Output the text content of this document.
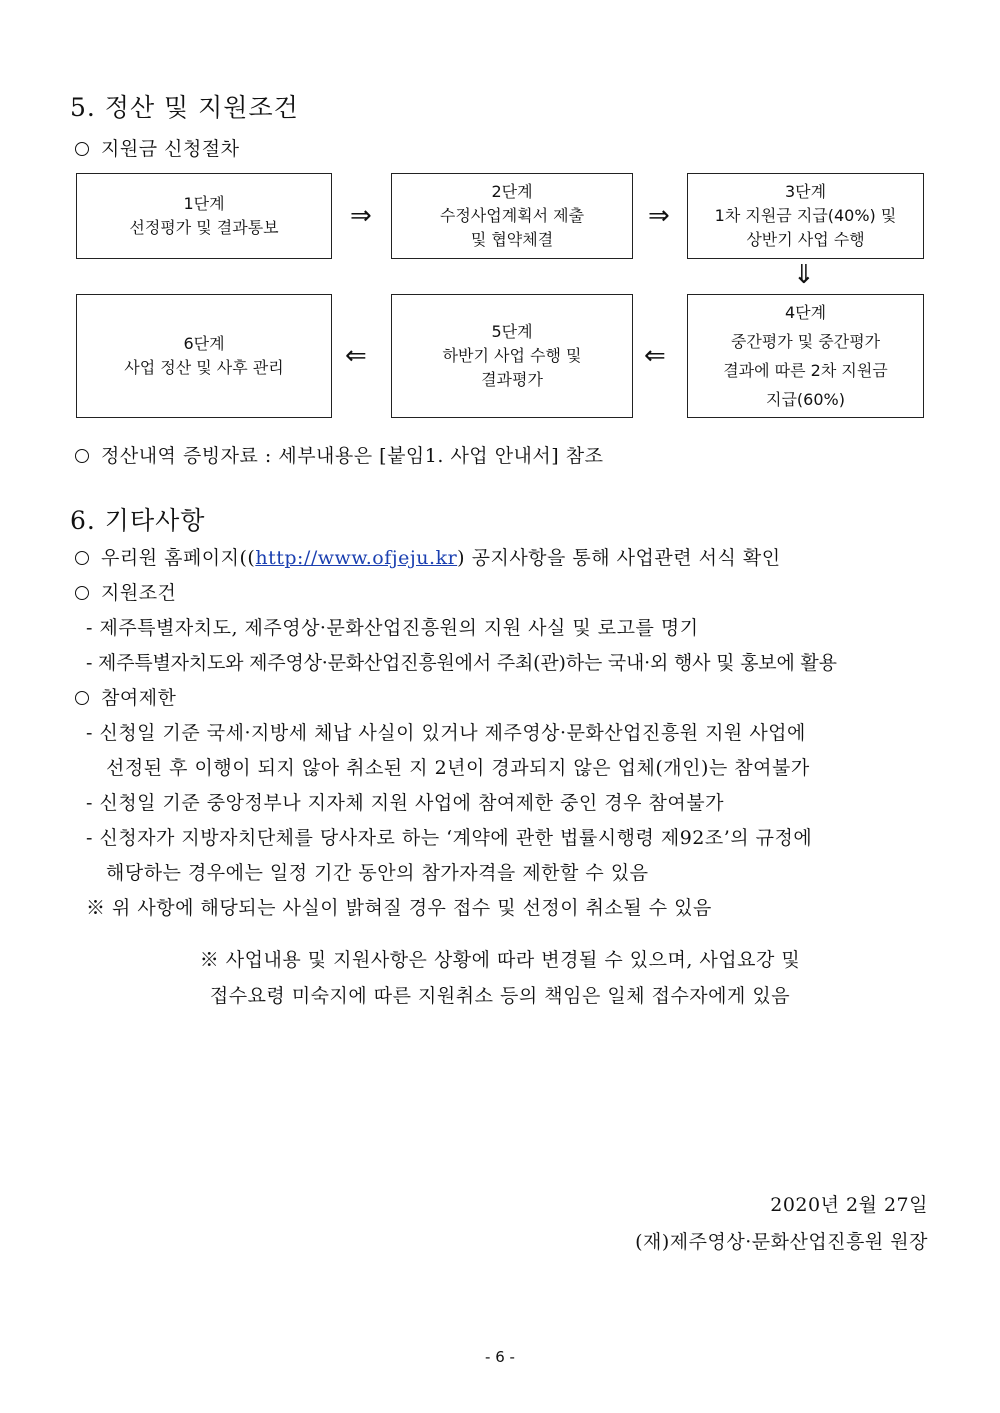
5. 정산 및 지원조건
지원금 신청절차
1단계
선정평가 및 결과통보	⇒
2단계
수정사업계획서 제출
및 협약체결
⇒
3단계
1차 지원금 지급(40%) 및
상반기 사업 수행
⇓
6단계
사업 정산 및 사후 관리 ⇐
5단계
하반기 사업 수행 및
결과평가
⇐
4단계
중간평가 및 중간평가
결과에 따른 2차 지원금
지급(60%)
정산내역 증빙자료 : 세부내용은 [붙임1. 사업 안내서] 참조
6. 기타사항
우리원 홈페이지((http://www.ofjeju.kr) 공지사항을 통해 사업관련 서식 확인
지원조건
- 제주특별자치도, 제주영상·문화산업진흥원의 지원 사실 및 로고를 명기
- 제주특별자치도와 제주영상·문화산업진흥원에서 주최(관)하는 국내·외 행사 및 홍보에 활용
참여제한
- 신청일 기준 국세·지방세 체납 사실이 있거나 제주영상·문화산업진흥원 지원 사업에
선정된 후 이행이 되지 않아 취소된 지 2년이 경과되지 않은 업체(개인)는 참여불가
- 신청일 기준 중앙정부나 지자체 지원 사업에 참여제한 중인 경우 참여불가
- 신청자가 지방자치단체를 당사자로 하는 ‘계약에 관한 법률시행령 제92조’의 규정에
해당하는 경우에는 일정 기간 동안의 참가자격을 제한할 수 있음
※ 위 사항에 해당되는 사실이 밝혀질 경우 접수 및 선정이 취소될 수 있음
※ 사업내용 및 지원사항은 상황에 따라 변경될 수 있으며, 사업요강 및
접수요령 미숙지에 따른 지원취소 등의 책임은 일체 접수자에게 있음
2020년 2월 27일
(재)제주영상·문화산업진흥원 원장
- 6 -
